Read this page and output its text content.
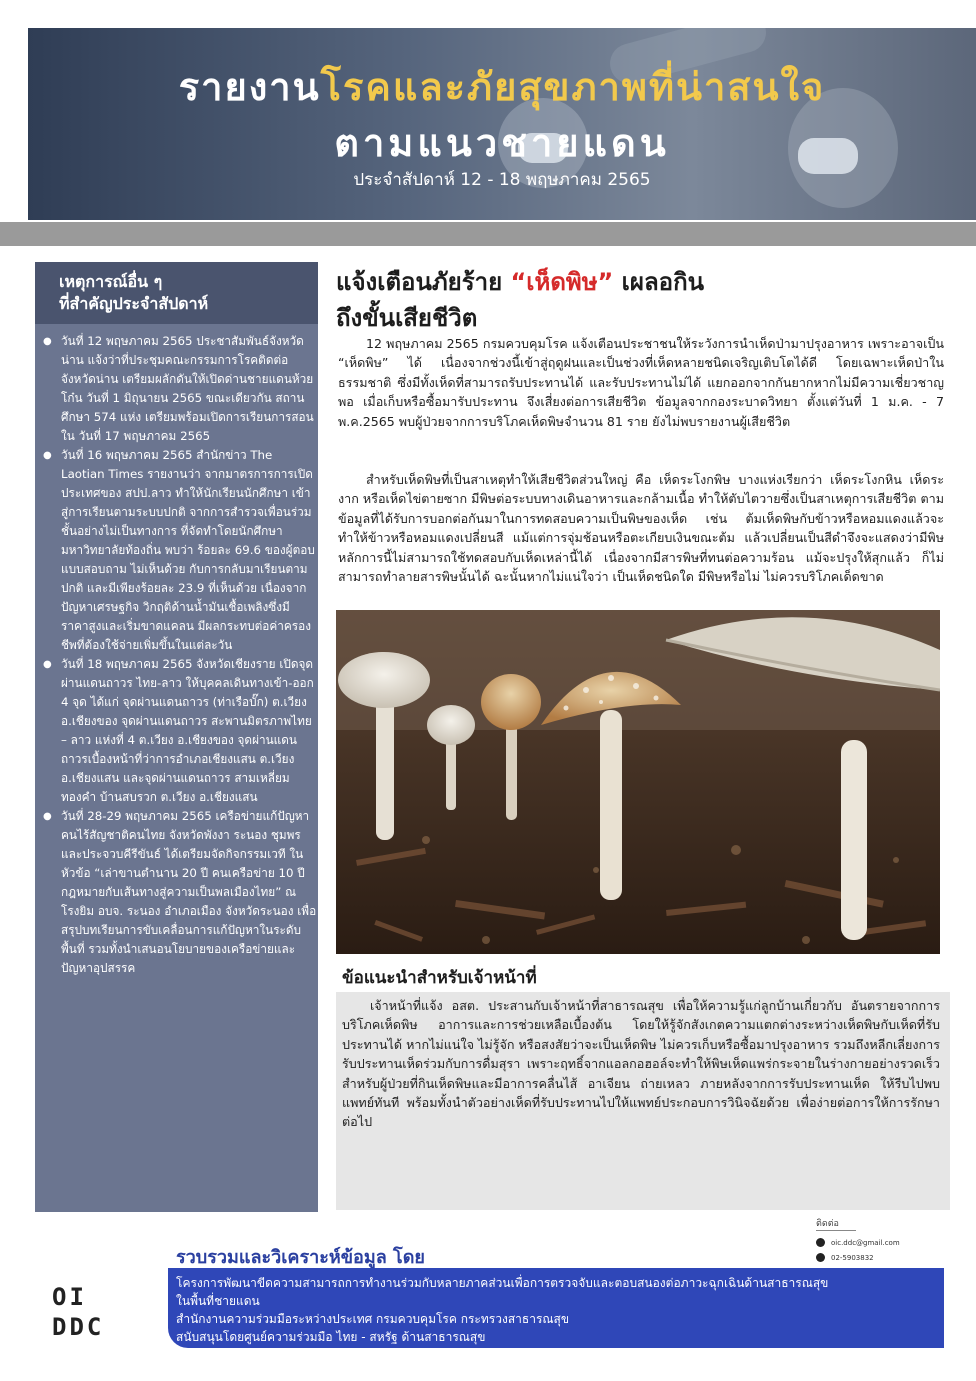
รายงานโรคและภัยสุขภาพที่น่าสนใจ
ตามแนวชายแดน
ประจำสัปดาห์ 12 - 18 พฤษภาคม 2565
เหตุการณ์อื่น ๆ
ที่สำคัญประจำสัปดาห์
● วันที่ 12 พฤษภาคม 2565 ประชาสัมพันธ์จังหวัดน่าน แจ้งว่าที่ประชุมคณะกรรมการโรคติดต่อจังหวัดน่าน เตรียมผลักดันให้เปิดด่านชายแดนห้วยโก๋น วันที่ 1 มิถุนายน 2565 ขณะเดียวกัน สถานศึกษา 574 แห่ง เตรียมพร้อมเปิดการเรียนการสอนใน วันที่ 17 พฤษภาคม 2565
● วันที่ 16 พฤษภาคม 2565 สำนักข่าว The Laotian Times รายงานว่า จากมาตรการการเปิดประเทศของ สปป.ลาว ทำให้นักเรียนนักศึกษา เข้าสู่การเรียนตามระบบปกติ จากการสำรวจเพื่อนร่วมชั้นอย่างไม่เป็นทางการ ที่จัดทำโดยนักศึกษามหาวิทยาลัยท้องถิ่น พบว่า ร้อยละ 69.6 ของผู้ตอบแบบสอบถาม ไม่เห็นด้วย กับการกลับมาเรียนตามปกติ และมีเพียงร้อยละ 23.9 ที่เห็นด้วย เนื่องจากปัญหาเศรษฐกิจ วิกฤติด้านน้ำมันเชื้อเพลิงซึ่งมีราคาสูงและเริ่มขาดแคลน มีผลกระทบต่อค่าครองชีพที่ต้องใช้จ่ายเพิ่มขึ้นในแต่ละวัน
● วันที่ 18 พฤษภาคม 2565 จังหวัดเชียงราย เปิดจุดผ่านแดนถาวร ไทย-ลาว ให้บุคคลเดินทางเข้า-ออก 4 จุด ได้แก่ จุดผ่านแดนถาวร (ท่าเรือบั๊ก) ต.เวียง อ.เชียงของ จุดผ่านแดนถาวร สะพานมิตรภาพไทย – ลาว แห่งที่ 4 ต.เวียง อ.เชียงของ จุดผ่านแดนถาวรเบื้องหน้าที่ว่าการอำเภอเชียงแสน ต.เวียง อ.เชียงแสน และจุดผ่านแดนถาวร สามเหลี่ยมทองคำ บ้านสบรวก ต.เวียง อ.เชียงแสน
● วันที่ 28-29 พฤษภาคม 2565 เครือข่ายแก้ปัญหาคนไร้สัญชาติคนไทย จังหวัดพังงา ระนอง ชุมพร และประจวบคีรีขันธ์ ได้เตรียมจัดกิจกรรมเวที ในหัวข้อ “เล่าขานตำนาน 20 ปี คนเครือข่าย 10 ปี กฎหมายกับเส้นทางสู่ความเป็นพลเมืองไทย” ณ โรงยิม อบจ. ระนอง อำเภอเมือง จังหวัดระนอง เพื่อสรุปบทเรียนการขับเคลื่อนการแก้ปัญหาในระดับพื้นที่ รวมทั้งนำเสนอนโยบายของเครือข่ายและปัญหาอุปสรรค
แจ้งเตือนภัยร้าย “เห็ดพิษ” เผลอกิน
ถึงขั้นเสียชีวิต

12 พฤษภาคม 2565 กรมควบคุมโรค แจ้งเตือนประชาชนให้ระวังการนำเห็ดป่ามาปรุงอาหาร เพราะอาจเป็น “เห็ดพิษ” ได้ เนื่องจากช่วงนี้เข้าสู่ฤดูฝนและเป็นช่วงที่เห็ดหลายชนิดเจริญเติบโตได้ดี โดยเฉพาะเห็ดป่าในธรรมชาติ ซึ่งมีทั้งเห็ดที่สามารถรับประทานได้ และรับประทานไม่ได้ แยกออกจากกันยากหากไม่มีความเชี่ยวชาญพอ เมื่อเก็บหรือซื้อมารับประทาน จึงเสี่ยงต่อการเสียชีวิต ข้อมูลจากกองระบาดวิทยา ตั้งแต่วันที่ 1 ม.ค. - 7 พ.ค.2565 พบผู้ป่วยจากการบริโภคเห็ดพิษจำนวน 81 ราย ยังไม่พบรายงานผู้เสียชีวิต

สำหรับเห็ดพิษที่เป็นสาเหตุทำให้เสียชีวิตส่วนใหญ่ คือ เห็ดระโงกพิษ บางแห่งเรียกว่า เห็ดระโงกหิน เห็ดระงาก หรือเห็ดไข่ตายซาก มีพิษต่อระบบทางเดินอาหารและกล้ามเนื้อ ทำให้ตับไตวายซึ่งเป็นสาเหตุการเสียชีวิต ตามข้อมูลที่ได้รับการบอกต่อกันมาในการทดสอบความเป็นพิษของเห็ด เช่น ต้มเห็ดพิษกับข้าวหรือหอมแดงแล้วจะทำให้ข้าวหรือหอมแดงเปลี่ยนสี แม้แต่การจุ่มช้อนหรือตะเกียบเงินขณะต้ม แล้วเปลี่ยนเป็นสีดำจึงจะแสดงว่ามีพิษ หลักการนี้ไม่สามารถใช้ทดสอบกับเห็ดเหล่านี้ได้ เนื่องจากมีสารพิษที่ทนต่อความร้อน แม้จะปรุงให้สุกแล้ว ก็ไม่สามารถทำลายสารพิษนั้นได้ ฉะนั้นหากไม่แน่ใจว่า เป็นเห็ดชนิดใด มีพิษหรือไม่ ไม่ควรบริโภคเด็ดขาด

ข้อแนะนำสำหรับเจ้าหน้าที่

เจ้าหน้าที่แจ้ง อสต. ประสานกับเจ้าหน้าที่สาธารณสุข เพื่อให้ความรู้แก่ลูกบ้านเกี่ยวกับ อันตรายจากการบริโภคเห็ดพิษ อาการและการช่วยเหลือเบื้องต้น โดยให้รู้จักสังเกตความแตกต่างระหว่างเห็ดพิษกับเห็ดที่รับประทานได้ หากไม่แน่ใจ ไม่รู้จัก หรือสงสัยว่าจะเป็นเห็ดพิษ ไม่ควรเก็บหรือซื้อมาปรุงอาหาร รวมถึงหลีกเลี่ยงการรับประทานเห็ดร่วมกับการดื่มสุรา เพราะฤทธิ์จากแอลกอฮอล์จะทำให้พิษเห็ดแพร่กระจายในร่างกายอย่างรวดเร็ว สำหรับผู้ป่วยที่กินเห็ดพิษและมีอาการคลื่นไส้ อาเจียน ถ่ายเหลว ภายหลังจากการรับประทานเห็ด ให้รีบไปพบแพทย์ทันที พร้อมทั้งนำตัวอย่างเห็ดที่รับประทานไปให้แพทย์ประกอบการวินิจฉัยด้วย เพื่อง่ายต่อการให้การรักษาต่อไป

OI
DDC
รวบรวมและวิเคราะห์ข้อมูล โดย
ติดต่อ
oic.ddc@gmail.com
02-5903832
โครงการพัฒนาขีดความสามารถการทำงานร่วมกับหลายภาคส่วนเพื่อการตรวจจับและตอบสนองต่อภาวะฉุกเฉินด้านสาธารณสุข
ในพื้นที่ชายแดน
สำนักงานความร่วมมือระหว่างประเทศ กรมควบคุมโรค กระทรวงสาธารณสุข
สนับสนุนโดยศูนย์ความร่วมมือ ไทย - สหรัฐ ด้านสาธารณสุข
